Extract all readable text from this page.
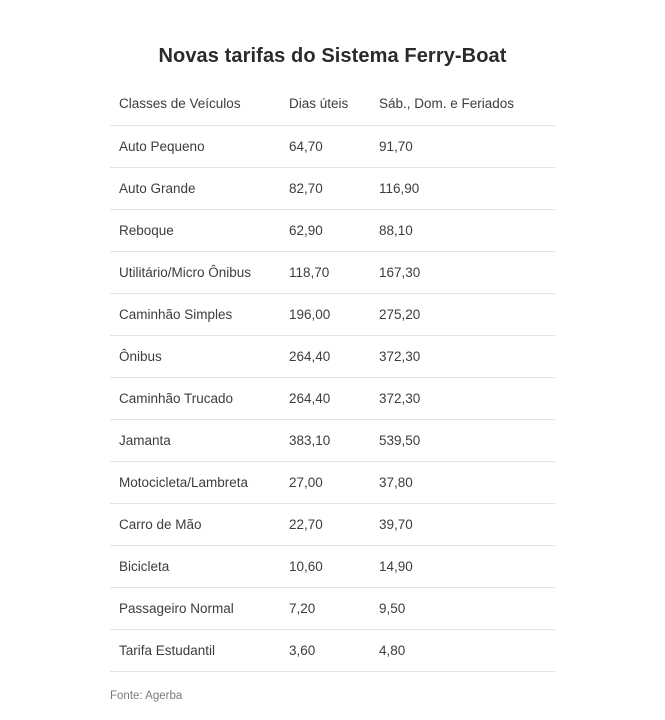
Novas tarifas do Sistema Ferry-Boat
Classes de Veículos	Dias úteis	Sáb., Dom. e Feriados
Auto Pequeno	64,70	91,70
Auto Grande	82,70	116,90
Reboque	62,90	88,10
Utilitário/Micro Ônibus	118,70	167,30
Caminhão Simples	196,00	275,20
Ônibus	264,40	372,30
Caminhão Trucado	264,40	372,30
Jamanta	383,10	539,50
Motocicleta/Lambreta	27,00	37,80
Carro de Mão	22,70	39,70
Bicicleta	10,60	14,90
Passageiro Normal	7,20	9,50
Tarifa Estudantil	3,60	4,80
Fonte: Agerba
